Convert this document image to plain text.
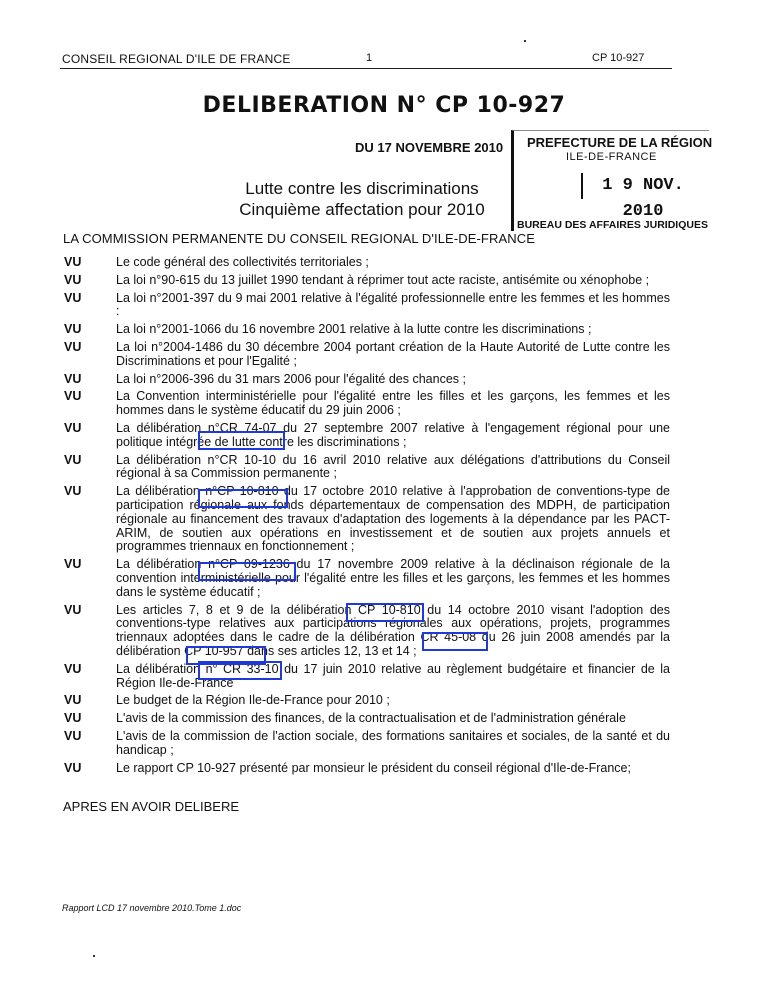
CONSEIL REGIONAL D'ILE DE FRANCE	1	CP 10-927
DELIBERATION N° CP 10-927
DU 17 NOVEMBRE 2010
Lutte contre les discriminations
Cinquième affectation pour 2010
PREFECTURE DE LA RÉGION
ILE-DE-FRANCE
1 9 NOV. 2010
BUREAU DES AFFAIRES JURIDIQUES
LA COMMISSION PERMANENTE DU CONSEIL REGIONAL D'ILE-DE-FRANCE
VU	Le code général des collectivités territoriales ;
VU	La loi n°90-615 du 13 juillet 1990 tendant à réprimer tout acte raciste, antisémite ou xénophobe ;
VU	La loi n°2001-397 du 9 mai 2001 relative à l'égalité professionnelle entre les femmes et les hommes :
VU	La loi n°2001-1066 du 16 novembre 2001 relative à la lutte contre les discriminations ;
VU	La loi n°2004-1486 du 30 décembre 2004 portant création de la Haute Autorité de Lutte contre les Discriminations et pour l'Egalité ;
VU	La loi n°2006-396 du 31 mars 2006 pour l'égalité des chances ;
VU	La Convention interministérielle pour l'égalité entre les filles et les garçons, les femmes et les hommes dans le système éducatif du 29 juin 2006 ;
VU	La délibération n°CR 74-07 du 27 septembre 2007 relative à l'engagement régional pour une politique intégrée de lutte contre les discriminations ;
VU	La délibération n°CR 10-10 du 16 avril 2010 relative aux délégations d'attributions du Conseil régional à sa Commission permanente ;
VU	La délibération n°CP 10-810 du 17 octobre 2010 relative à l'approbation de conventions-type de participation régionale aux fonds départementaux de compensation des MDPH, de participation régionale au financement des travaux d'adaptation des logements à la dépendance par les PACT-ARIM, de soutien aux opérations en investissement et de soutien aux projets annuels et programmes triennaux en fonctionnement ;
VU	La délibération n°CP 09-1236 du 17 novembre 2009 relative à la déclinaison régionale de la convention interministérielle pour l'égalité entre les filles et les garçons, les femmes et les hommes dans le système éducatif ;
VU	Les articles 7, 8 et 9 de la délibération CP 10-810 du 14 octobre 2010 visant l'adoption des conventions-type relatives aux participations régionales aux opérations, projets, programmes triennaux adoptées dans le cadre de la délibération CR 45-08 du 26 juin 2008 amendés par la délibération CP 10-957 dans ses articles 12, 13 et 14 ;
VU	La délibération n° CR 33-10 du 17 juin 2010 relative au règlement budgétaire et financier de la Région Ile-de-France
VU	Le budget de la Région Ile-de-France pour 2010 ;
VU	L'avis de la commission des finances, de la contractualisation et de l'administration générale
VU	L'avis de la commission de l'action sociale, des formations sanitaires et sociales, de la santé et du handicap ;
VU	Le rapport CP 10-927 présenté par monsieur le président du conseil régional d'Ile-de-France;
APRES EN AVOIR DELIBERE
Rapport LCD 17 novembre 2010.Tome 1.doc
